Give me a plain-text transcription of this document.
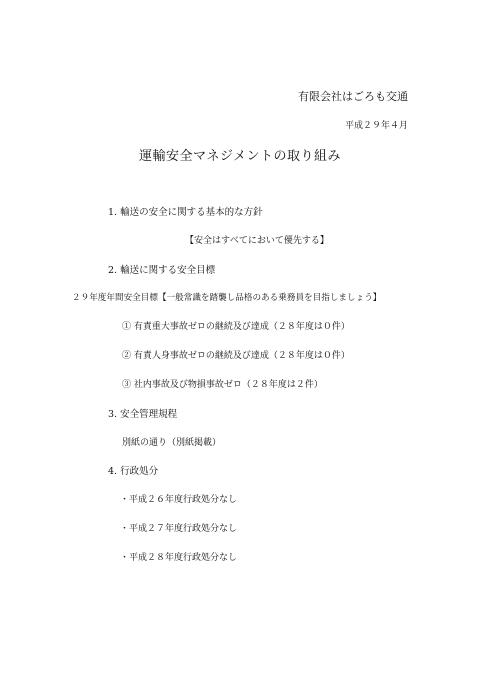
有限会社はごろも交通
平成２９年４月
運輸安全マネジメントの取り組み
1. 輸送の安全に関する基本的な方針
【安全はすべてにおいて優先する】
2. 輸送に関する安全目標
２９年度年間安全目標【一般常識を踏襲し品格のある乗務員を目指しましょう】
① 有責重大事故ゼロの継続及び達成（２８年度は０件）
② 有責人身事故ゼロの継続及び達成（２８年度は０件）
③ 社内事故及び物損事故ゼロ（２８年度は２件）
3. 安全管理規程
別紙の通り（別紙掲載）
4. 行政処分
・平成２６年度行政処分なし
・平成２７年度行政処分なし
・平成２８年度行政処分なし
